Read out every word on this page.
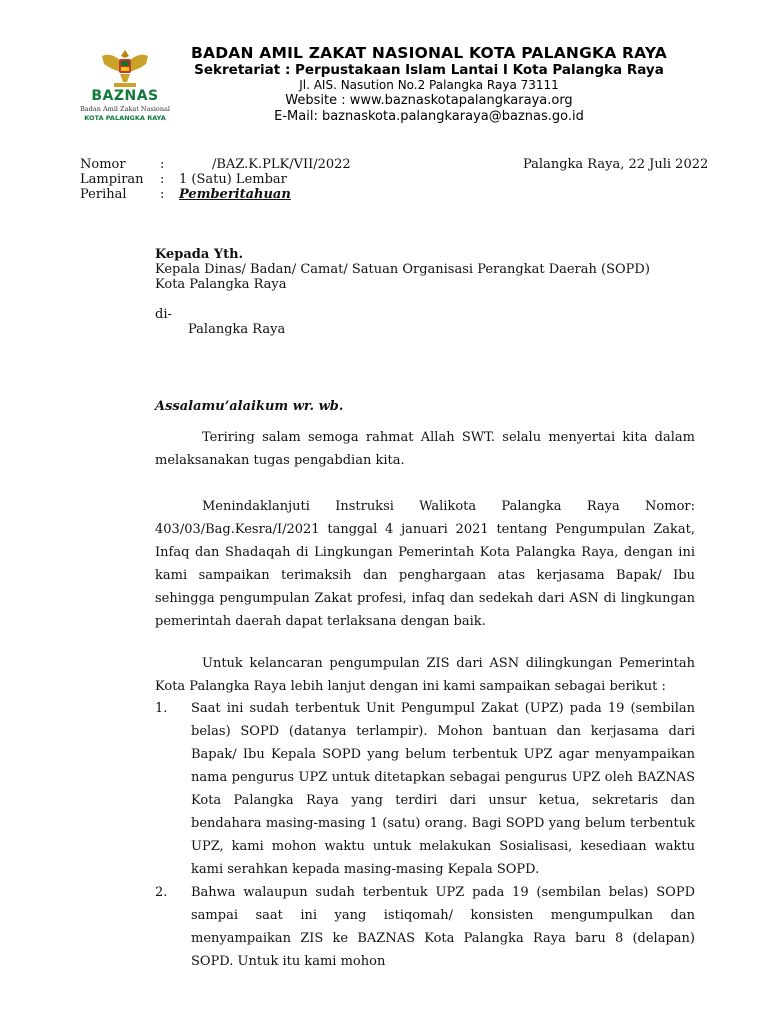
BAZNAS
Badan Amil Zakat Nasional
KOTA PALANGKA RAYA
BADAN AMIL ZAKAT NASIONAL KOTA PALANGKA RAYA
Sekretariat : Perpustakaan Islam Lantai I Kota Palangka Raya
Jl. AIS. Nasution No.2 Palangka Raya 73111
Website : www.baznaskotapalangkaraya.org
E-Mail: baznaskota.palangkaraya@baznas.go.id
Nomor	:	/BAZ.K.PLK/VII/2022
Lampiran	: 1 (Satu) Lembar
Perihal	: Pemberitahuan
Palangka Raya, 22 Juli 2022
Kepada Yth.
Kepala Dinas/ Badan/ Camat/ Satuan Organisasi Perangkat Daerah (SOPD)
Kota Palangka Raya
di-
Palangka Raya
Assalamu’alaikum wr. wb.

Teriring salam semoga rahmat Allah SWT. selalu menyertai kita dalam melaksanakan tugas pengabdian kita.

Menindaklanjuti Instruksi Walikota Palangka Raya Nomor: 403/03/Bag.Kesra/I/2021 tanggal 4 januari 2021 tentang Pengumpulan Zakat, Infaq dan Shadaqah di Lingkungan Pemerintah Kota Palangka Raya, dengan ini kami sampaikan terimaksih dan penghargaan atas kerjasama Bapak/ Ibu sehingga pengumpulan Zakat profesi, infaq dan sedekah dari ASN di lingkungan pemerintah daerah dapat terlaksana dengan baik.

Untuk kelancaran pengumpulan ZIS dari ASN dilingkungan Pemerintah Kota Palangka Raya lebih lanjut dengan ini kami sampaikan sebagai berikut :

1. Saat ini sudah terbentuk Unit Pengumpul Zakat (UPZ) pada 19 (sembilan belas) SOPD (datanya terlampir). Mohon bantuan dan kerjasama dari Bapak/ Ibu Kepala SOPD yang belum terbentuk UPZ agar menyampaikan nama pengurus UPZ untuk ditetapkan sebagai pengurus UPZ oleh BAZNAS Kota Palangka Raya yang terdiri dari unsur ketua, sekretaris dan bendahara masing-masing 1 (satu) orang. Bagi SOPD yang belum terbentuk UPZ, kami mohon waktu untuk melakukan Sosialisasi, kesediaan waktu kami serahkan kepada masing-masing Kepala SOPD.
2. Bahwa walaupun sudah terbentuk UPZ pada 19 (sembilan belas) SOPD sampai saat ini yang istiqomah/ konsisten mengumpulkan dan menyampaikan ZIS ke BAZNAS Kota Palangka Raya baru 8 (delapan) SOPD. Untuk itu kami mohon
